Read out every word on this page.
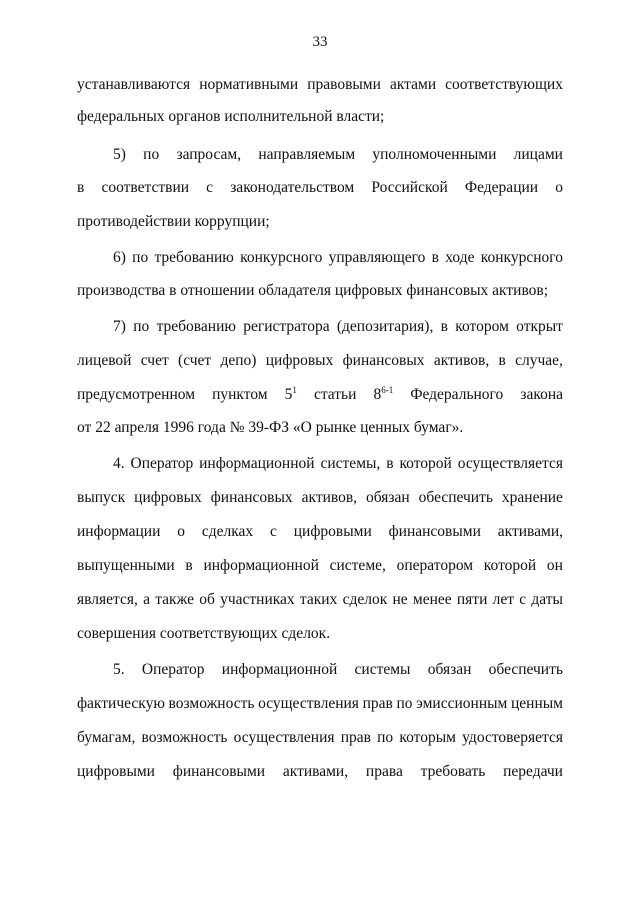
33
устанавливаются нормативными правовыми актами соответствующих
федеральных органов исполнительной власти;
5) по запросам, направляемым уполномоченными лицами
в соответствии с законодательством Российской Федерации о
противодействии коррупции;
6) по требованию конкурсного управляющего в ходе конкурсного
производства в отношении обладателя цифровых финансовых активов;
7) по требованию регистратора (депозитария), в котором открыт
лицевой счет (счет депо) цифровых финансовых активов, в случае,
предусмотренном пунктом $5^1$ статьи 8$^{6-1}$ Федерального закона
от 22 апреля 1996 года № 39-ФЗ «О рынке ценных бумаг».
4. Оператор информационной системы, в которой осуществляется
выпуск цифровых финансовых активов, обязан обеспечить хранение
информации о сделках с цифровыми финансовыми активами,
выпущенными в информационной системе, оператором которой он
является, а также об участниках таких сделок не менее пяти лет с даты
совершения соответствующих сделок.
5. Оператор информационной системы обязан обеспечить
фактическую возможность осуществления прав по эмиссионным ценным
бумагам, возможность осуществления прав по которым удостоверяется
цифровыми финансовыми активами, права требовать передачи
